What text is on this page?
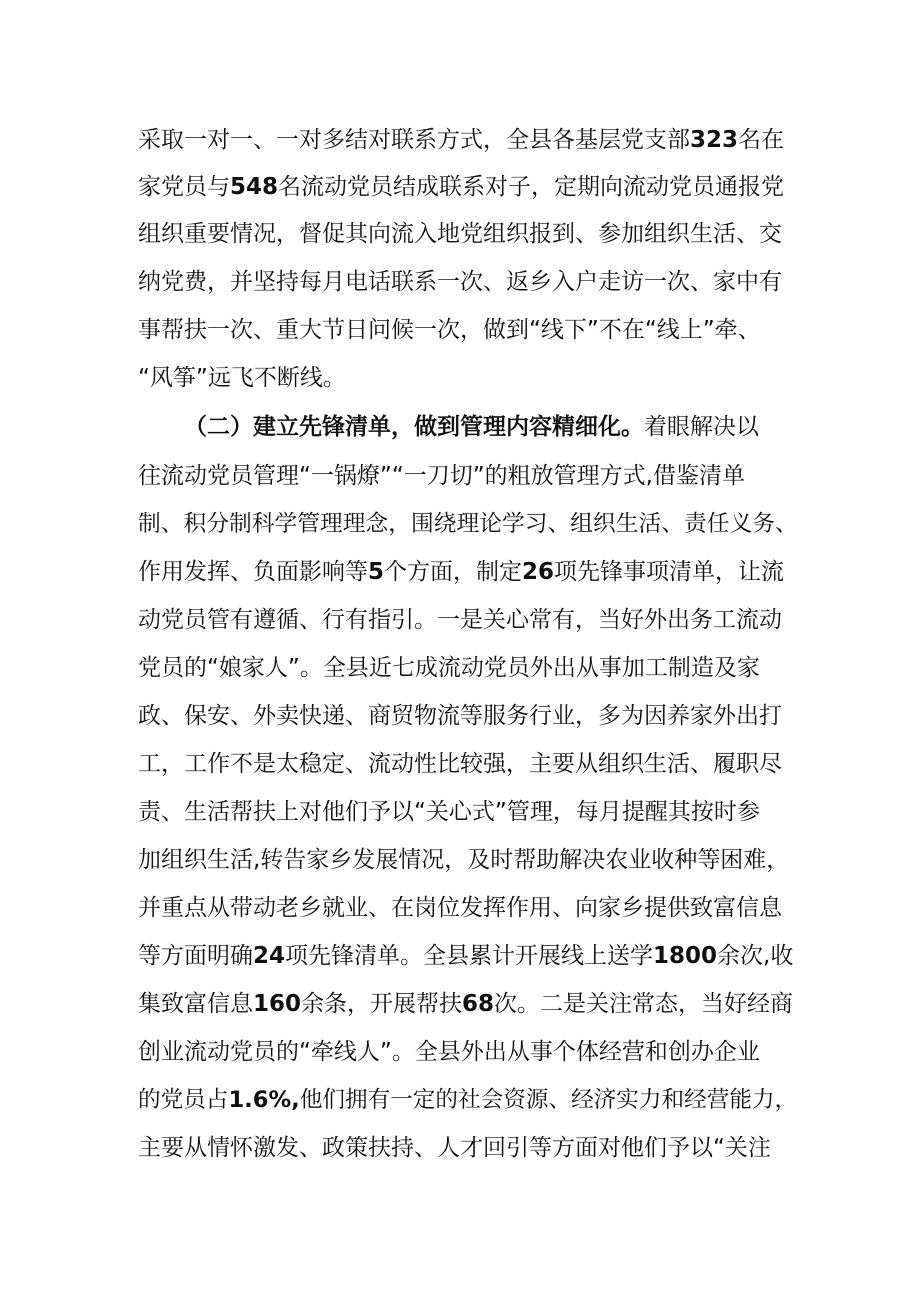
采取一对一、一对多结对联系方式，全县各基层党支部323名在
家党员与548名流动党员结成联系对子，定期向流动党员通报党
组织重要情况，督促其向流入地党组织报到、参加组织生活、交
纳党费，并坚持每月电话联系一次、返乡入户走访一次、家中有
事帮扶一次、重大节日问候一次，做到“线下”不在“线上”牵、
“风筝”远飞不断线。
（二）建立先锋清单，做到管理内容精细化。着眼解决以
往流动党员管理“一锅燎”“一刀切”的粗放管理方式,借鉴清单
制、积分制科学管理理念，围绕理论学习、组织生活、责任义务、
作用发挥、负面影响等5个方面，制定26项先锋事项清单，让流
动党员管有遵循、行有指引。一是关心常有，当好外出务工流动
党员的“娘家人”。全县近七成流动党员外出从事加工制造及家
政、保安、外卖快递、商贸物流等服务行业，多为因养家外出打
工，工作不是太稳定、流动性比较强，主要从组织生活、履职尽
责、生活帮扶上对他们予以“关心式”管理，每月提醒其按时参
加组织生活,转告家乡发展情况，及时帮助解决农业收种等困难，
并重点从带动老乡就业、在岗位发挥作用、向家乡提供致富信息
等方面明确24项先锋清单。全县累计开展线上送学1800余次,收
集致富信息160余条，开展帮扶68次。二是关注常态，当好经商
创业流动党员的“牵线人”。全县外出从事个体经营和创办企业
的党员占1.6%,他们拥有一定的社会资源、经济实力和经营能力，
主要从情怀激发、政策扶持、人才回引等方面对他们予以“关注
